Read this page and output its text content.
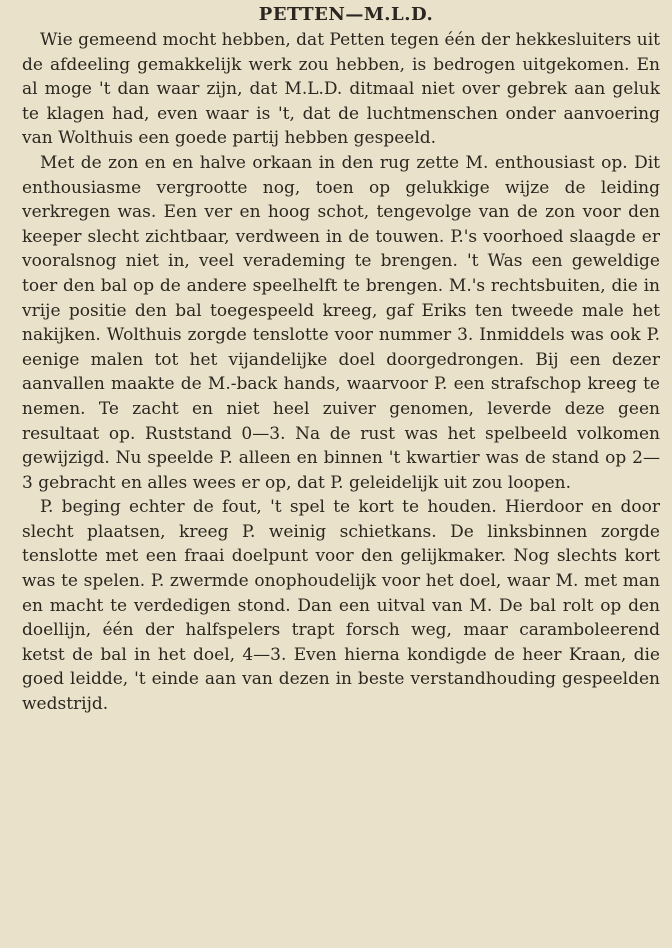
PETTEN—M.L.D.

Wie gemeend mocht hebben, dat Petten tegen één der hekkesluiters uit de afdeeling gemakkelijk werk zou hebben, is bedrogen uitgekomen. En al moge 't dan waar zijn, dat M.L.D. ditmaal niet over gebrek aan geluk te klagen had, even waar is 't, dat de luchtmenschen onder aanvoering van Wolthuis een goede partij hebben gespeeld.

Met de zon en en halve orkaan in den rug zette M. enthousiast op. Dit enthousiasme vergrootte nog, toen op gelukkige wijze de leiding verkregen was. Een ver en hoog schot, tengevolge van de zon voor den keeper slecht zichtbaar, verdween in de touwen. P.'s voorhoed slaagde er vooralsnog niet in, veel verademing te brengen. 't Was een geweldige toer den bal op de andere speelhelft te brengen. M.'s rechtsbuiten, die in vrije positie den bal toegespeeld kreeg, gaf Eriks ten tweede male het nakijken. Wolthuis zorgde tenslotte voor nummer 3. Inmiddels was ook P. eenige malen tot het vijandelijke doel doorgedrongen. Bij een dezer aanvallen maakte de M.-back hands, waarvoor P. een strafschop kreeg te nemen. Te zacht en niet heel zuiver genomen, leverde deze geen resultaat op. Ruststand 0—3. Na de rust was het spelbeeld volkomen gewijzigd. Nu speelde P. alleen en binnen 't kwartier was de stand op 2—3 gebracht en alles wees er op, dat P. geleidelijk uit zou loopen.

P. beging echter de fout, 't spel te kort te houden. Hierdoor en door slecht plaatsen, kreeg P. weinig schietkans. De linksbinnen zorgde tenslotte met een fraai doelpunt voor den gelijkmaker. Nog slechts kort was te spelen. P. zwermde onophoudelijk voor het doel, waar M. met man en macht te verdedigen stond. Dan een uitval van M. De bal rolt op den doellijn, één der halfspelers trapt forsch weg, maar caramboleerend ketst de bal in het doel, 4—3. Even hierna kondigde de heer Kraan, die goed leidde, 't einde aan van dezen in beste verstandhouding gespeelden wedstrijd.
